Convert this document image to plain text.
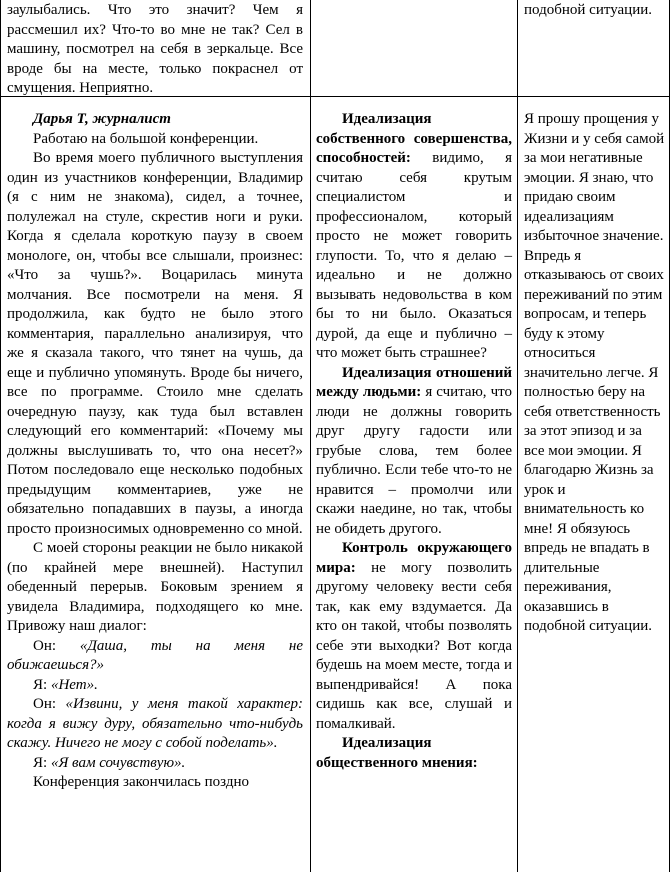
заулыбались. Что это значит? Чем я рассмешил их? Что-то во мне не так? Сел в машину, посмотрел на себя в зеркальце. Все вроде бы на месте, только покраснел от смущения. Неприятно.

подобной ситуации.

Дарья Т, журналист

Работаю на большой конференции.

Во время моего публичного выступления один из участников конференции, Владимир (я с ним не знакома), сидел, а точнее, полулежал на стуле, скрестив ноги и руки. Когда я сделала короткую паузу в своем монологе, он, чтобы все слышали, произнес: «Что за чушь?». Воцарилась минута молчания. Все посмотрели на меня. Я продолжила, как будто не было этого комментария, параллельно анализируя, что же я сказала такого, что тянет на чушь, да еще и публично упомянуть. Вроде бы ничего, все по программе. Стоило мне сделать очередную паузу, как туда был вставлен следующий его комментарий: «Почему мы должны выслушивать то, что она несет?» Потом последовало еще несколько подобных предыдущим комментариев, уже не обязательно попадавших в паузы, а иногда просто произносимых одновременно со мной.

С моей стороны реакции не было никакой (по крайней мере внешней). Наступил обеденный перерыв. Боковым зрением я увидела Владимира, подходящего ко мне. Привожу наш диалог:

Он: «Даша, ты на меня не обижаешься?»

Я: «Нет».

Он: «Извини, у меня такой характер: когда я вижу дуру, обязательно что-нибудь скажу. Ничего не могу с собой поделать».

Я: «Я вам сочувствую».

Конференция закончилась поздно

Идеализация собственного совершенства, способностей: видимо, я считаю себя крутым специалистом и профессионалом, который просто не может говорить глупости. То, что я делаю – идеально и не должно вызывать недовольства в ком бы то ни было. Оказаться дурой, да еще и публично – что может быть страшнее?

Идеализация отношений между людьми: я считаю, что люди не должны говорить друг другу гадости или грубые слова, тем более публично. Если тебе что-то не нравится – промолчи или скажи наедине, но так, чтобы не обидеть другого.

Контроль окружающего мира: не могу позволить другому человеку вести себя так, как ему вздумается. Да кто он такой, чтобы позволять себе эти выходки? Вот когда будешь на моем месте, тогда и выпендривайся! А пока сидишь как все, слушай и помалкивай.

Идеализация общественного мнения:

Я прошу прощения у Жизни и у себя самой за мои негативные эмоции. Я знаю, что придаю своим идеализациям избыточное значение. Впредь я отказываюсь от своих переживаний по этим вопросам, и теперь буду к этому относиться значительно легче. Я полностью беру на себя ответственность за этот эпизод и за все мои эмоции. Я благодарю Жизнь за урок и внимательность ко мне! Я обязуюсь впредь не впадать в длительные переживания, оказавшись в подобной ситуации.
